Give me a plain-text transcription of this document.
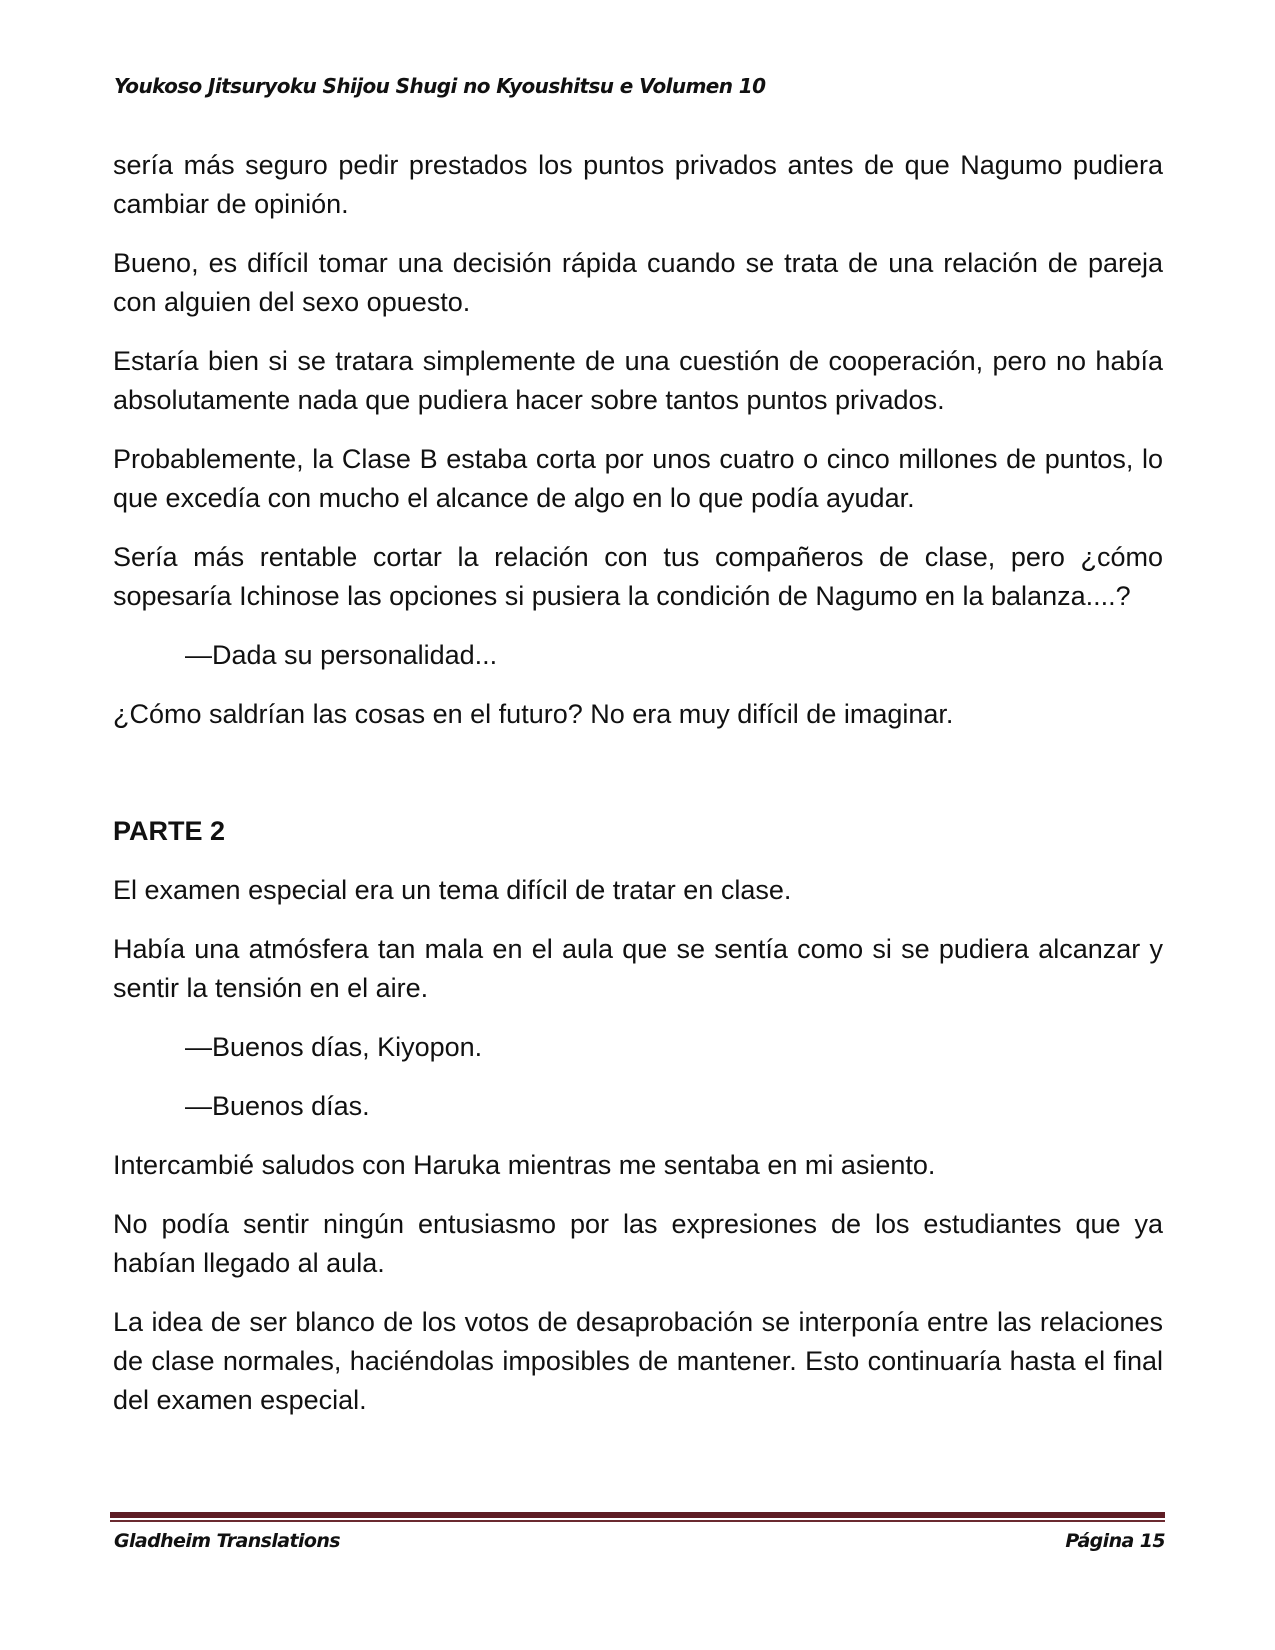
Youkoso Jitsuryoku Shijou Shugi no Kyoushitsu e Volumen 10

sería más seguro pedir prestados los puntos privados antes de que Nagumo pudiera cambiar de opinión.

Bueno, es difícil tomar una decisión rápida cuando se trata de una relación de pareja con alguien del sexo opuesto.

Estaría bien si se tratara simplemente de una cuestión de cooperación, pero no había absolutamente nada que pudiera hacer sobre tantos puntos privados.

Probablemente, la Clase B estaba corta por unos cuatro o cinco millones de puntos, lo que excedía con mucho el alcance de algo en lo que podía ayudar.

Sería más rentable cortar la relación con tus compañeros de clase, pero ¿cómo sopesaría Ichinose las opciones si pusiera la condición de Nagumo en la balanza....?

—Dada su personalidad...

¿Cómo saldrían las cosas en el futuro? No era muy difícil de imaginar.

PARTE 2

El examen especial era un tema difícil de tratar en clase.

Había una atmósfera tan mala en el aula que se sentía como si se pudiera alcanzar y sentir la tensión en el aire.

—Buenos días, Kiyopon.

—Buenos días.

Intercambié saludos con Haruka mientras me sentaba en mi asiento.

No podía sentir ningún entusiasmo por las expresiones de los estudiantes que ya habían llegado al aula.

La idea de ser blanco de los votos de desaprobación se interponía entre las relaciones de clase normales, haciéndolas imposibles de mantener. Esto continuaría hasta el final del examen especial.

Gladheim Translations	Página 15
